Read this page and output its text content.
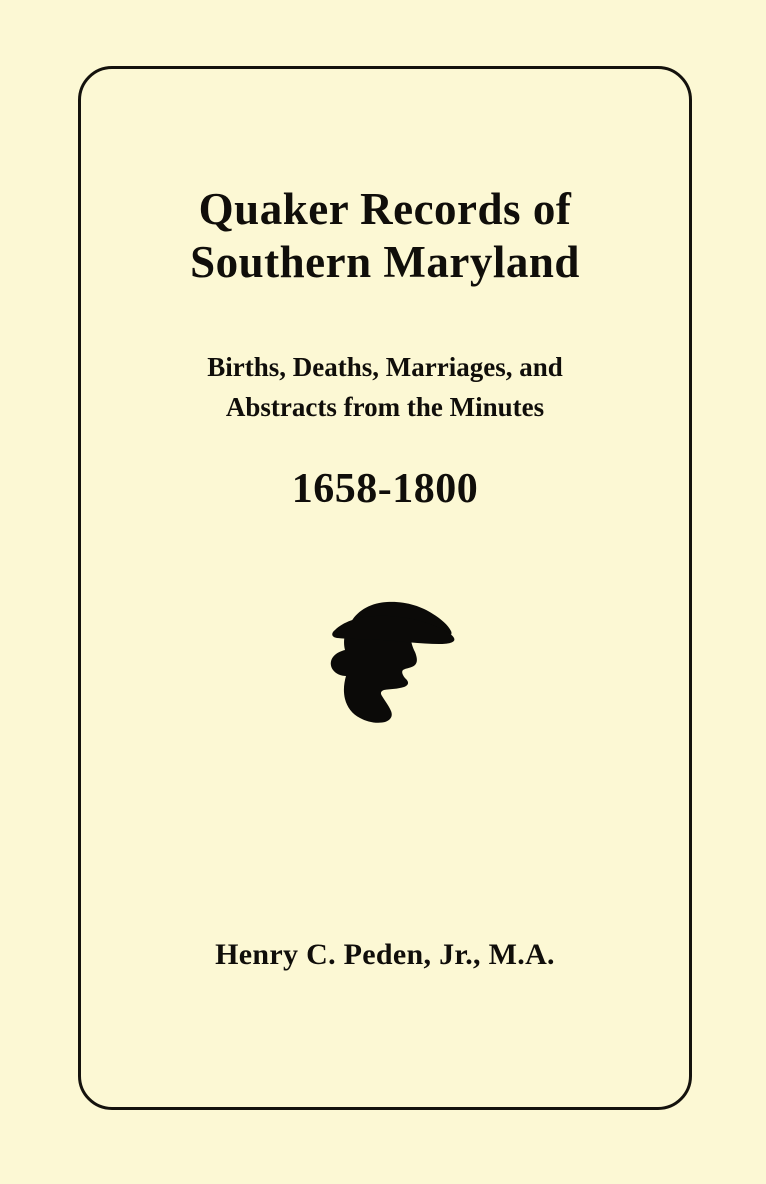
Quaker Records of
Southern Maryland
Births, Deaths, Marriages, and
Abstracts from the Minutes
1658-1800
Henry C. Peden, Jr., M.A.
